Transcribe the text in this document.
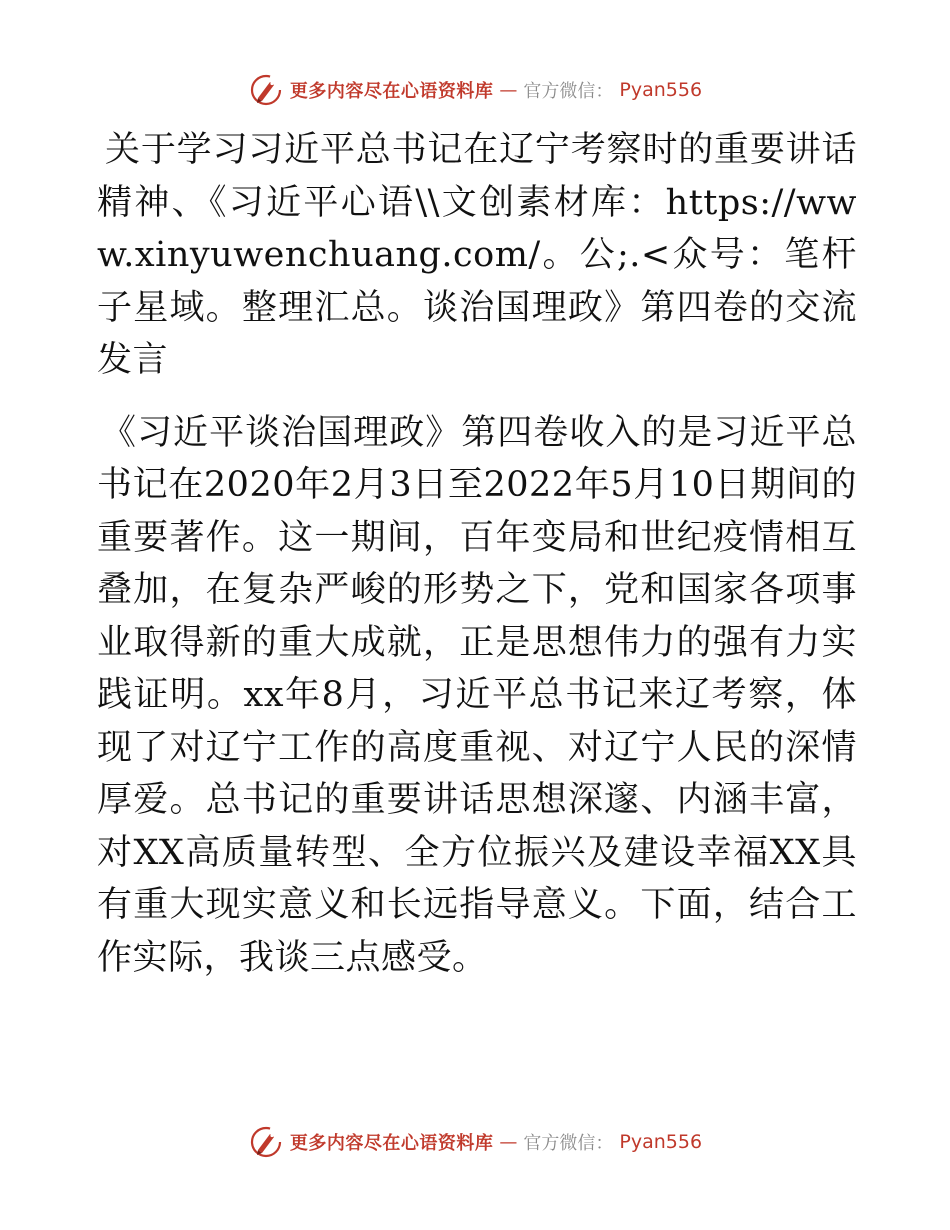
更多内容尽在心语资料库 — 官方微信： Pyan556

关于学习习近平总书记在辽宁考察时的重要讲话精神、《习近平心语\\文创素材库：https://www.xinyuwenchuang.com/。公;.<众号：笔杆子星域。整理汇总。谈治国理政》第四卷的交流发言

《习近平谈治国理政》第四卷收入的是习近平总书记在2020年2月3日至2022年5月10日期间的重要著作。这一期间，百年变局和世纪疫情相互叠加，在复杂严峻的形势之下，党和国家各项事业取得新的重大成就，正是思想伟力的强有力实践证明。xx年8月，习近平总书记来辽考察，体现了对辽宁工作的高度重视、对辽宁人民的深情厚爱。总书记的重要讲话思想深邃、内涵丰富，对XX高质量转型、全方位振兴及建设幸福XX具有重大现实意义和长远指导意义。下面，结合工作实际，我谈三点感受。

更多内容尽在心语资料库 — 官方微信： Pyan556
